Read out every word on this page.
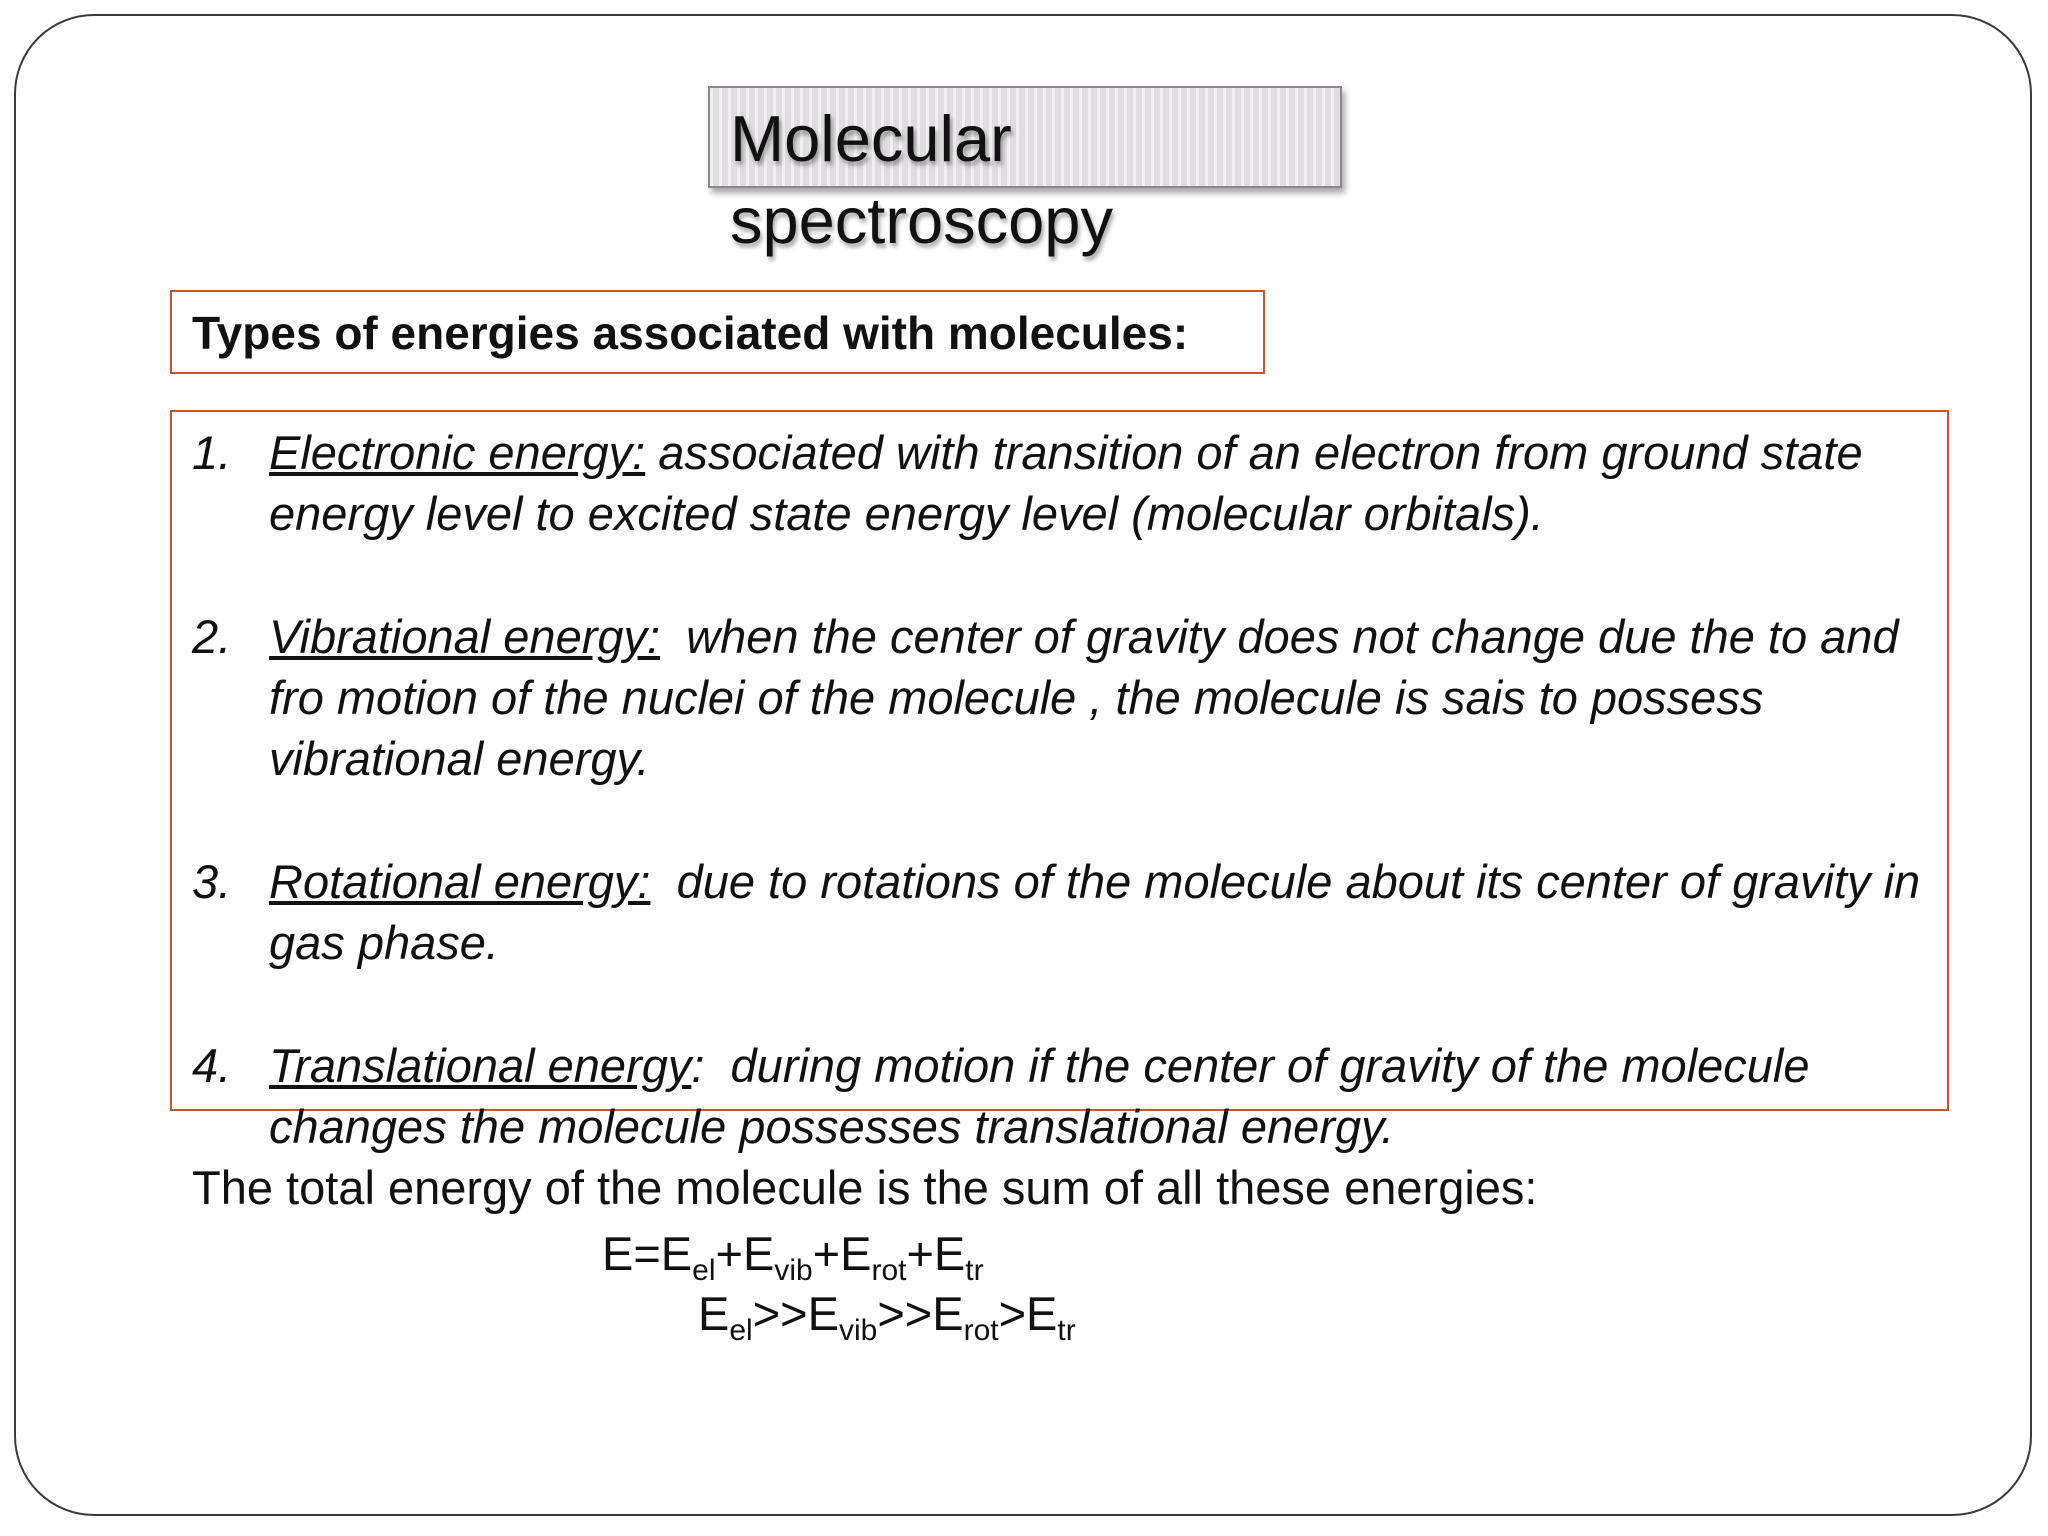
Molecular
spectroscopy

Types of energies associated with molecules:

1. Electronic energy: associated with transition of an electron from ground state energy level to excited state energy level (molecular orbitals).
2. Vibrational energy:  when the center of gravity does not change due the to and fro motion of the nuclei of the molecule , the molecule is sais to possess vibrational energy.
3. Rotational energy:  due to rotations of the molecule about its center of gravity in gas phase.
4. Translational energy:  during motion if the center of gravity of the molecule changes the molecule possesses translational energy.

The total energy of the molecule is the sum of all these energies:

$E=E_{el}+E_{vib}+E_{rot}+E_{tr}$

$E_{el}>>E_{vib}>>E_{rot}>E_{tr}$
